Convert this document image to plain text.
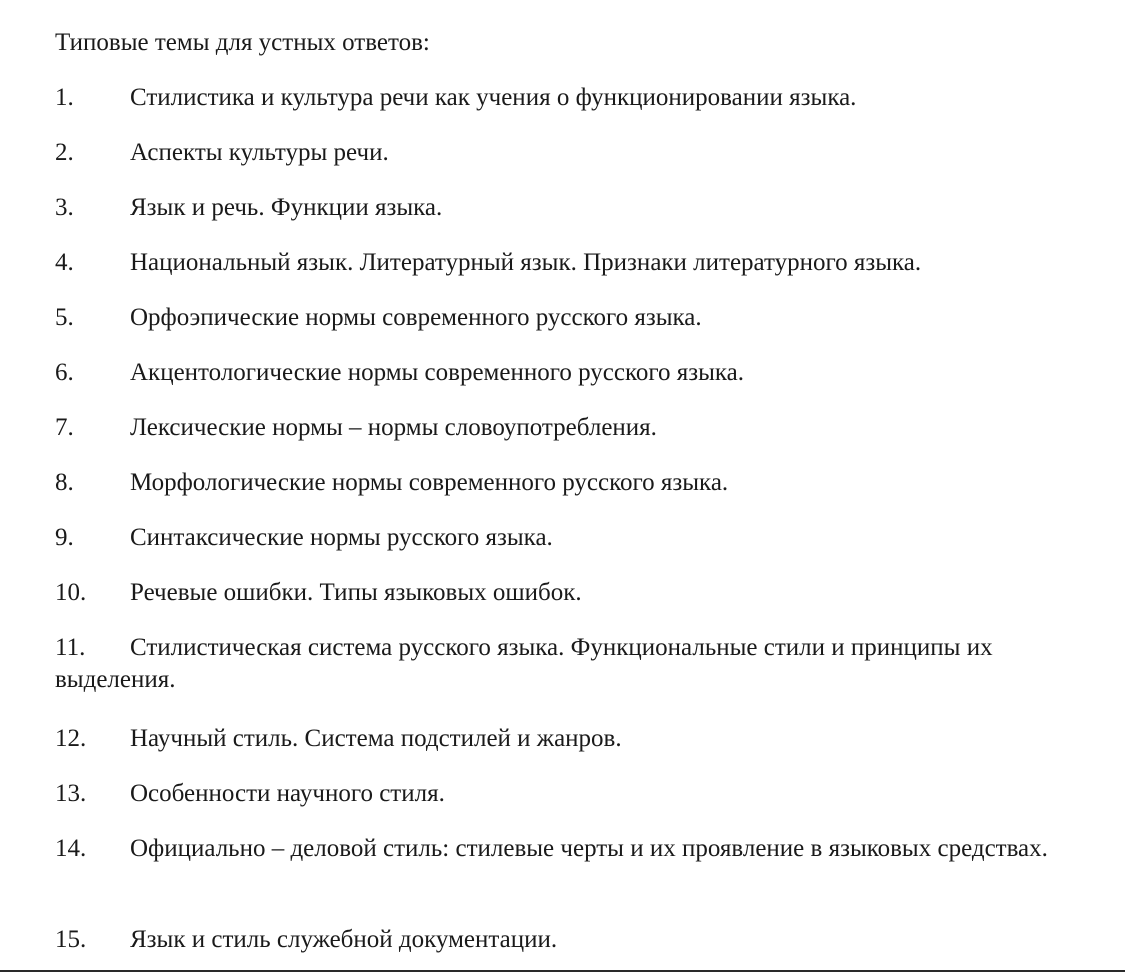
Типовые темы для устных ответов:
1. Стилистика и культура речи как учения о функционировании языка.
2. Аспекты культуры речи.
3. Язык и речь. Функции языка.
4. Национальный язык. Литературный язык. Признаки литературного языка.
5. Орфоэпические нормы современного русского языка.
6. Акцентологические нормы современного русского языка.
7. Лексические нормы – нормы словоупотребления.
8. Морфологические нормы современного русского языка.
9. Синтаксические нормы русского языка.
10. Речевые ошибки. Типы языковых ошибок.
11. Стилистическая система русского языка. Функциональные стили и принципы их выделения.
12. Научный стиль. Система подстилей и жанров.
13. Особенности научного стиля.
14. Официально – деловой стиль: стилевые черты и их проявление в языковых средствах.
15. Язык и стиль служебной документации.
